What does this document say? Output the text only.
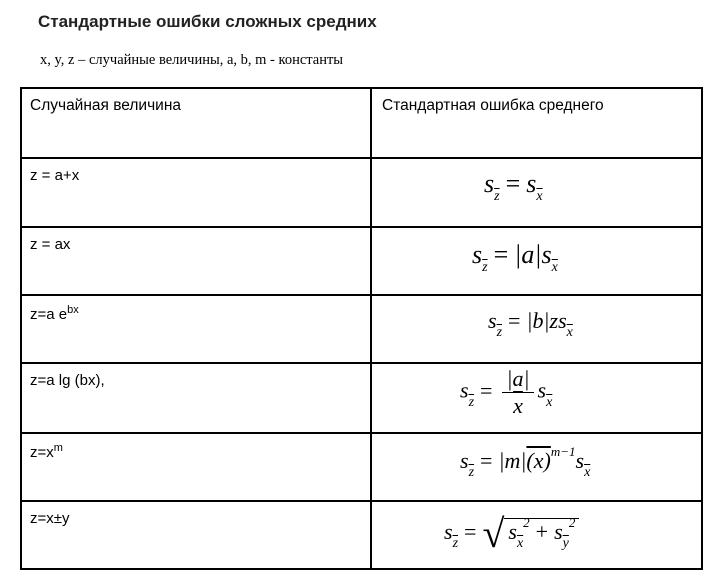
Стандартные ошибки сложных средних
x, y, z – случайные величины, a, b, m - константы
Случайная величина	Стандартная ошибка среднего
z = a+x	$s_{\overline{z}} = s_{\overline{x}}$

z = ax	$s_{\overline{z}} = |a|s_{\overline{x}}$

z=a $e^{bx}$	$s_{\overline{z}} = |b|zs_{\overline{x}}$

z=a lg (bx),	$s_{\overline{z}} = \frac{|a|}{x} s_{\overline{x}}$

$z=x^m$	$s_{\overline{z}} = |m|(x)^{m-1}s_{\overline{x}}$

z=x±y	$s_{\overline{z}}$ = √ $s_{\overline{x}}^2 + s_{\overline{y}}^2$
